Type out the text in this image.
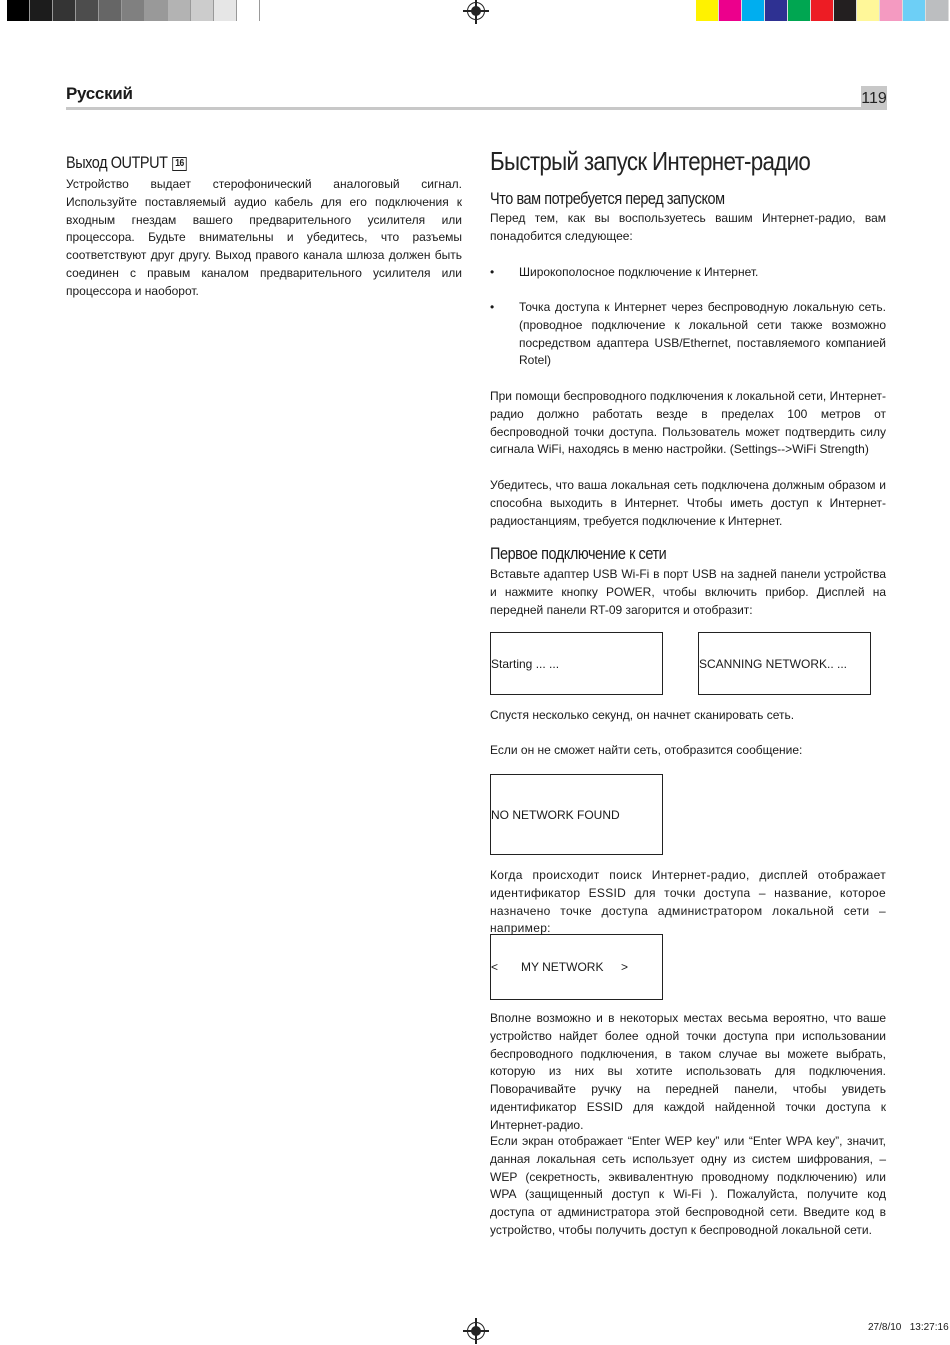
Русский	119
Выход OUTPUT 16
Устройство выдает стерофонический аналоговый сигнал. Используйте поставляемый аудио кабель для его подключения к входным гнездам вашего предварительного усилителя или процессора. Будьте внимательны и убедитесь, что разъемы соответствуют друг другу. Выход правого канала шлюза должен быть соединен с правым каналом предварительного усилителя или процессора и наоборот.
Быстрый запуск Интернет-радио
Что вам потребуется перед запуском
Перед тем, как вы воспользуетесь вашим Интернет-радио, вам понадобится следующее:
• Широкополосное подключение к Интернет.
• Точка доступа к Интернет через беспроводную локальную сеть. (проводное подключение к локальной сети также возможно посредством адаптера USB/Ethernet, поставляемого компанией Rotel)
При помощи беспроводного подключения к локальной сети, Интернет-радио должно работать везде в пределах 100 метров от беспроводной точки доступа. Пользователь может подтвердить силу сигнала WiFi, находясь в меню настройки. (Settings-->WiFi Strength)
Убедитесь, что ваша локальная сеть подключена должным образом и способна выходить в Интернет. Чтобы иметь доступ к Интернет-радиостанциям, требуется подключение к Интернет.
Первое подключение к сети
Вставьте адаптер USB Wi-Fi в порт USB на задней панели устройства и нажмите кнопку POWER, чтобы включить прибор. Дисплей на передней панели RT-09 загорится и отобразит:
Starting ... ...	SCANNING NETWORK.. ...
Спустя несколько секунд, он начнет сканировать сеть.
Если он не сможет найти сеть, отобразится сообщение:
NO NETWORK FOUND
Когда происходит поиск Интернет-радио, дисплей отображает идентификатор ESSID для точки доступа – название, которое назначено точке доступа администратором локальной сети – например:
< MY NETWORK >
Вполне возможно и в некоторых местах весьма вероятно, что ваше устройство найдет более одной точки доступа при использовании беспроводного подключения, в таком случае вы можете выбрать, которую из них вы хотите использовать для подключения. Поворачивайте ручку на передней панели, чтобы увидеть идентификатор ESSID для каждой найденной точки доступа к Интернет-радио.
Если экран отображает “Enter WEP key” или “Enter WPA key”, значит, данная локальная сеть использует одну из систем шифрования, – WEP (секретность, эквивалентную проводному подключению) или WPA (защищенный доступ к Wi-Fi ). Пожалуйста, получите код доступа от администратора этой беспроводной сети. Введите код в устройство, чтобы получить доступ к беспроводной локальной сети.
27/8/10 13:27:16
